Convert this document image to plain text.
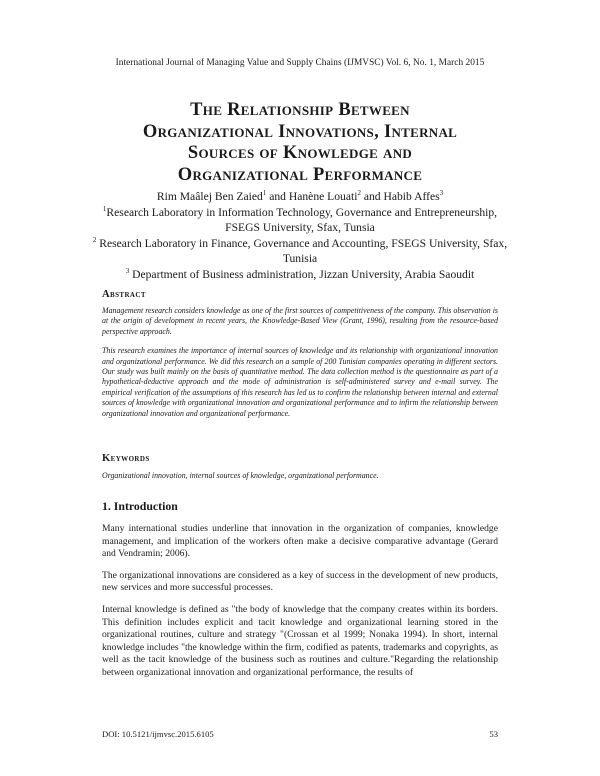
International Journal of Managing Value and Supply Chains (IJMVSC) Vol. 6, No. 1, March 2015
The Relationship Between
Organizational Innovations, Internal
Sources of Knowledge and
Organizational Performance
Rim Maâlej Ben Zaied$^1$ and Hanène Louati$^2$ and Habib Affes$^3$
$^1$Research Laboratory in Information Technology, Governance and Entrepreneurship,
FSEGS University, Sfax, Tunsia
$^2$ Research Laboratory in Finance, Governance and Accounting, FSEGS University, Sfax,
Tunisia
$^3$ Department of Business administration, Jizzan University, Arabia Saoudit
Abstract

Management research considers knowledge as one of the first sources of competitiveness of the company. This observation is at the origin of development in recent years, the Knowledge-Based View (Grant, 1996), resulting from the resource-based perspective approach.

This research examines the importance of internal sources of knowledge and its relationship with organizational innovation and organizational performance. We did this research on a sample of 200 Tunisian companies operating in different sectors. Our study was built mainly on the basis of quantitative method. The data collection method is the questionnaire as part of a hypothetical-deductive approach and the mode of administration is self-administered survey and e-mail survey. The empirical verification of the assumptions of this research has led us to confirm the relationship between internal and external sources of knowledge with organizational innovation and organizational performance and to infirm the relationship between organizational innovation and organizational performance.

Keywords

Organizational innovation, internal sources of knowledge, organizational performance.

1. Introduction

Many international studies underline that innovation in the organization of companies, knowledge management, and implication of the workers often make a decisive comparative advantage (Gerard and Vendramin; 2006).

The organizational innovations are considered as a key of success in the development of new products, new services and more successful processes.

Internal knowledge is defined as "the body of knowledge that the company creates within its borders. This definition includes explicit and tacit knowledge and organizational learning stored in the organizational routines, culture and strategy "(Crossan et al 1999; Nonaka 1994). In short, internal knowledge includes "the knowledge within the firm, codified as patents, trademarks and copyrights, as well as the tacit knowledge of the business such as routines and culture."Regarding the relationship between organizational innovation and organizational performance, the results of

DOI: 10.5121/ijmvsc.2015.6105	53
